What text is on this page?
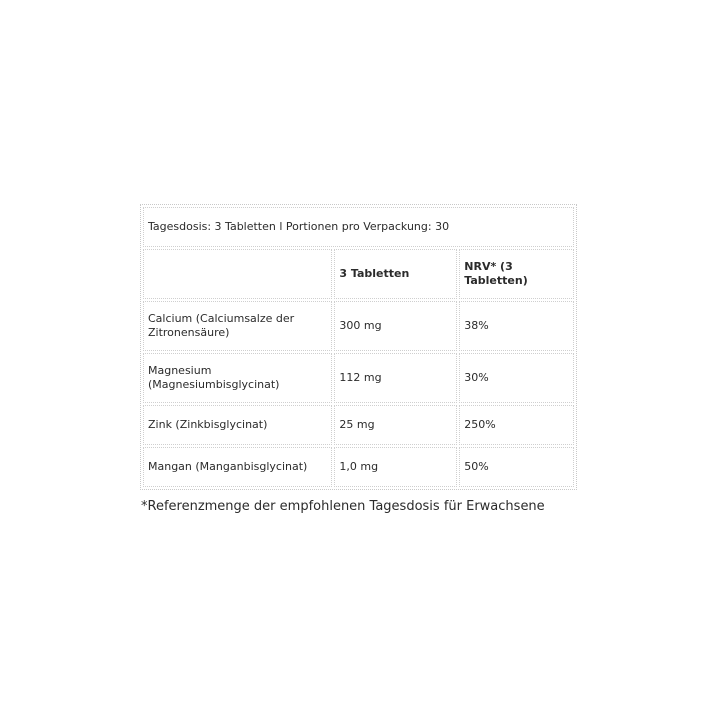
Tagesdosis: 3 Tabletten l Portionen pro Verpackung: 30		
	3 Tabletten	NRV* (3 Tabletten)
Calcium (Calciumsalze der Zitronensäure)	300 mg	38%
Magnesium (Magnesiumbisglycinat)	112 mg	30%
Zink (Zinkbisglycinat)	25 mg	250%
Mangan (Manganbisglycinat)	1,0 mg	50%
*Referenzmenge der empfohlenen Tagesdosis für Erwachsene
